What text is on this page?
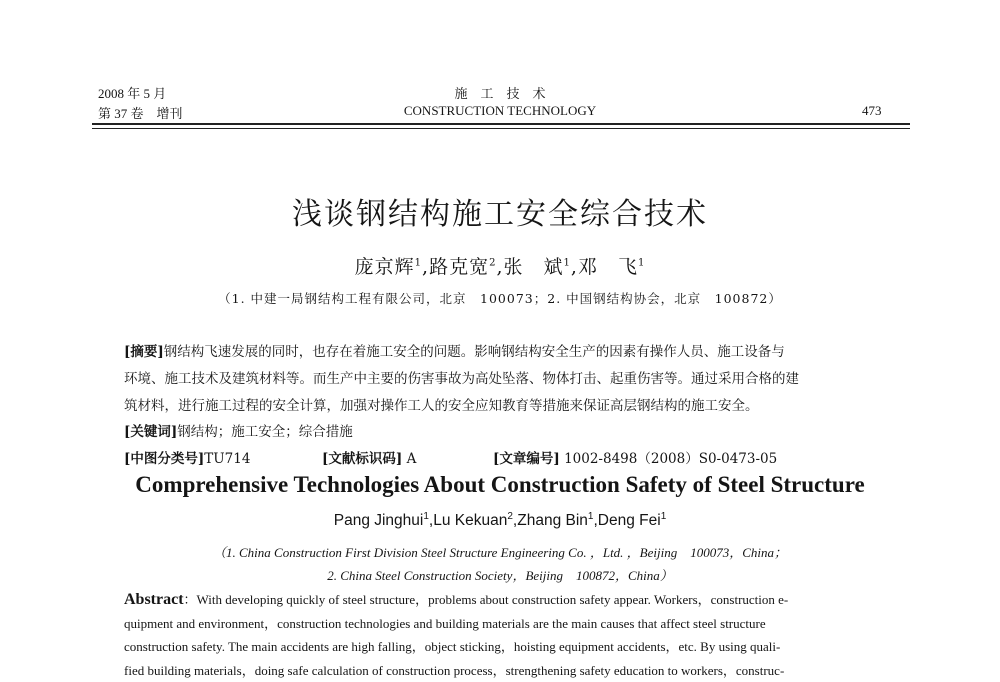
2008 年 5 月
第 37 卷　增刊
施　工　技　术
CONSTRUCTION TECHNOLOGY	473
浅谈钢结构施工安全综合技术
庞京辉$^1$,路克宽$^2$,张　斌$^1$,邓　飞$^1$
（1. 中建一局钢结构工程有限公司，北京　100073；2. 中国钢结构协会，北京　100872）
[摘要]钢结构飞速发展的同时，也存在着施工安全的问题。影响钢结构安全生产的因素有操作人员、施工设备与
环境、施工技术及建筑材料等。而生产中主要的伤害事故为高处坠落、物体打击、起重伤害等。通过采用合格的建
筑材料，进行施工过程的安全计算，加强对操作工人的安全应知教育等措施来保证高层钢结构的施工安全。
[关键词]钢结构；施工安全；综合措施
[中图分类号]TU714	[文献标识码] A	[文章编号] 1002-8498（2008）S0-0473-05
Comprehensive Technologies About Construction Safety of Steel Structure
Pang Jinghui$^1$,Lu Kekuan$^2$,Zhang Bin$^1$,Deng Fei$^1$
（1. China Construction First Division Steel Structure Engineering Co. ，Ltd. ，Beijing　100073，China；
2. China Steel Construction Society，Beijing　100872，China）
Abstract：With developing quickly of steel structure，problems about construction safety appear. Workers，construction e-
quipment and environment，construction technologies and building materials are the main causes that affect steel structure
construction safety. The main accidents are high falling，object sticking，hoisting equipment accidents，etc. By using quali-
fied building materials，doing safe calculation of construction process，strengthening safety education to workers，construc-
